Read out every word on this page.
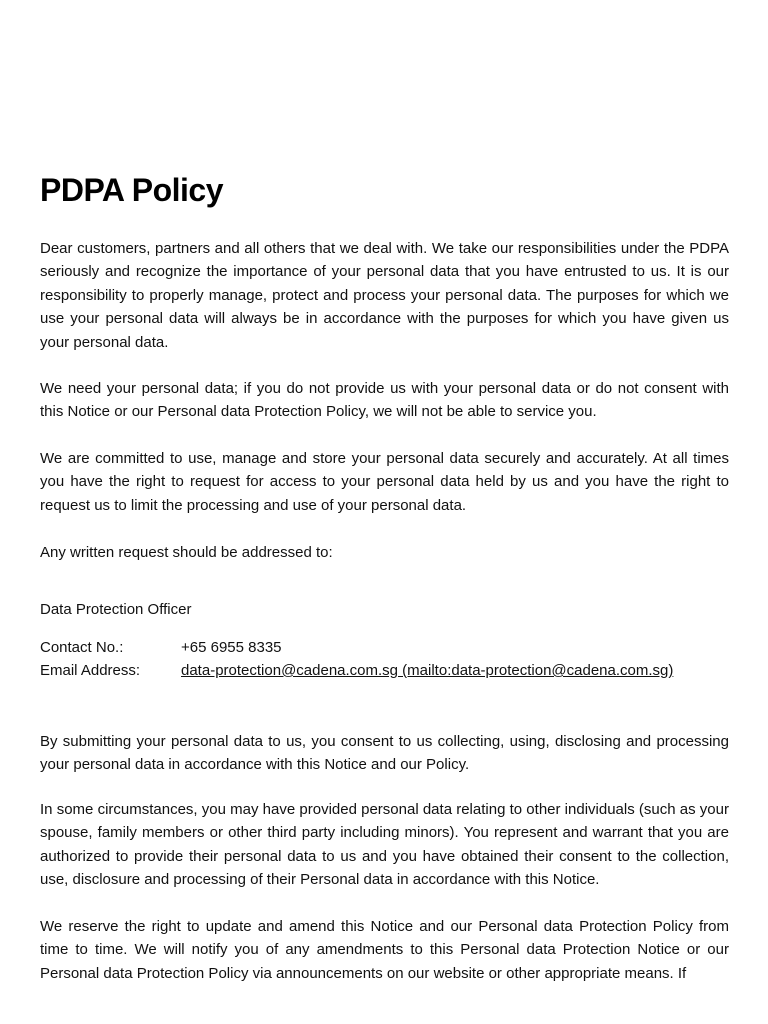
PDPA Policy

Dear customers, partners and all others that we deal with. We take our responsibilities under the PDPA seriously and recognize the importance of your personal data that you have entrusted to us. It is our responsibility to properly manage, protect and process your personal data. The purposes for which we use your personal data will always be in accordance with the purposes for which you have given us your personal data.

We need your personal data; if you do not provide us with your personal data or do not consent with this Notice or our Personal data Protection Policy, we will not be able to service you.

We are committed to use, manage and store your personal data securely and accurately. At all times you have the right to request for access to your personal data held by us and you have the right to request us to limit the processing and use of your personal data.

Any written request should be addressed to:

Data Protection Officer

Contact No.:	+65 6955 8335
Email Address:	data-protection@cadena.com.sg (mailto:data-protection@cadena.com.sg)

By submitting your personal data to us, you consent to us collecting, using, disclosing and processing your personal data in accordance with this Notice and our Policy.

In some circumstances, you may have provided personal data relating to other individuals (such as your spouse, family members or other third party including minors). You represent and warrant that you are authorized to provide their personal data to us and you have obtained their consent to the collection, use, disclosure and processing of their Personal data in accordance with this Notice.

We reserve the right to update and amend this Notice and our Personal data Protection Policy from time to time. We will notify you of any amendments to this Personal data Protection Notice or our Personal data Protection Policy via announcements on our website or other appropriate means. If
